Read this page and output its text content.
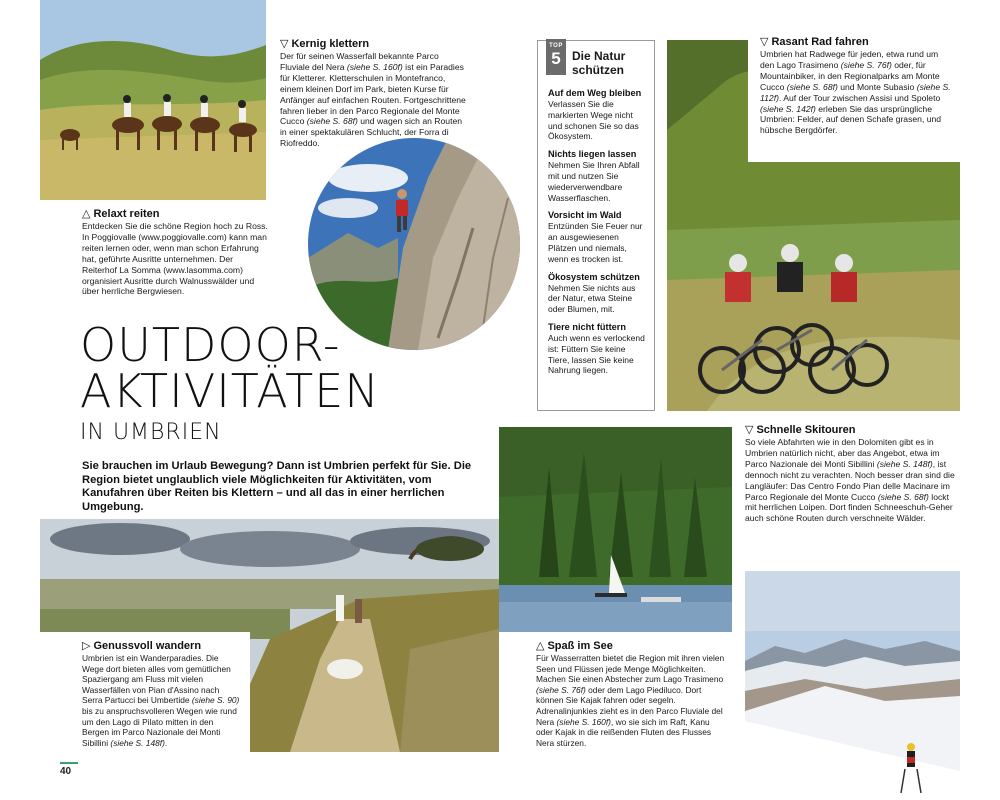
△ Relaxt reiten
Entdecken Sie die schöne Region hoch zu Ross. In Poggiovalle (www.poggiovalle.com) kann man reiten lernen oder, wenn man schon Erfahrung hat, geführte Ausritte unternehmen. Der Reiterhof La Somma (www.lasomma.com) organisiert Ausritte durch Walnusswälder und über herrliche Bergwiesen.
▽ Kernig klettern
Der für seinen Wasserfall bekannte Parco Fluviale del Nera (siehe S. 160f) ist ein Paradies für Kletterer. Kletterschulen in Montefranco, einem kleinen Dorf im Park, bieten Kurse für Anfänger auf einfachen Routen. Fortgeschrittene fahren lieber in den Parco Regionale del Monte Cucco (siehe S. 68f) und wagen sich an Routen in einer spektakulären Schlucht, der Forra di Riofreddo.
TOP
5 Die Natur schützen
Auf dem Weg bleiben
Verlassen Sie die markierten Wege nicht und schonen Sie so das Ökosystem.
Nichts liegen lassen
Nehmen Sie Ihren Abfall mit und nutzen Sie wiederverwendbare Wasserflaschen.
Vorsicht im Wald
Entzünden Sie Feuer nur an ausgewiesenen Plätzen und niemals, wenn es trocken ist.
Ökosystem schützen
Nehmen Sie nichts aus der Natur, etwa Steine oder Blumen, mit.
Tiere nicht füttern
Auch wenn es verlockend ist: Füttern Sie keine Tiere, lassen Sie keine Nahrung liegen.
▽ Rasant Rad fahren
Umbrien hat Radwege für jeden, etwa rund um den Lago Trasimeno (siehe S. 76f) oder, für Mountainbiker, in den Regionalparks am Monte Cucco (siehe S. 68f) und Monte Subasio (siehe S. 112f). Auf der Tour zwischen Assisi und Spoleto (siehe S. 142f) erleben Sie das ursprüngliche Umbrien: Felder, auf denen Schafe grasen, und hübsche Bergdörfer.
OUTDOOR-
AKTIVITÄTEN
IN UMBRIEN
Sie brauchen im Urlaub Bewegung? Dann ist Umbrien perfekt für Sie. Die Region bietet unglaublich viele Möglichkeiten für Aktivitäten, vom Kanufahren über Reiten bis Klettern – und all das in einer herrlichen Umgebung.
▷ Genussvoll wandern
Umbrien ist ein Wanderparadies. Die Wege dort bieten alles vom gemütlichen Spaziergang am Fluss mit vielen Wasserfällen von Pian d'Assino nach Serra Partucci bei Umbertide (siehe S. 90) bis zu anspruchsvolleren Wegen wie rund um den Lago di Pilato mitten in den Bergen im Parco Nazionale dei Monti Sibillini (siehe S. 148f).
△ Spaß im See
Für Wasserratten bietet die Region mit ihren vielen Seen und Flüssen jede Menge Möglichkeiten. Machen Sie einen Abstecher zum Lago Trasimeno (siehe S. 76f) oder dem Lago Piediluco. Dort können Sie Kajak fahren oder segeln. Adrenalinjunkies zieht es in den Parco Fluviale del Nera (siehe S. 160f), wo sie sich im Raft, Kanu oder Kajak in die reißenden Fluten des Flusses Nera stürzen.
▽ Schnelle Skitouren
So viele Abfahrten wie in den Dolomiten gibt es in Umbrien natürlich nicht, aber das Angebot, etwa im Parco Nazionale dei Monti Sibillini (siehe S. 148f), ist dennoch nicht zu verachten. Noch besser dran sind die Langläufer: Das Centro Fondo Pian delle Macinare im Parco Regionale del Monte Cucco (siehe S. 68f) lockt mit herrlichen Loipen. Dort finden Schneeschuh-Geher auch schöne Routen durch verschneite Wälder.
40
